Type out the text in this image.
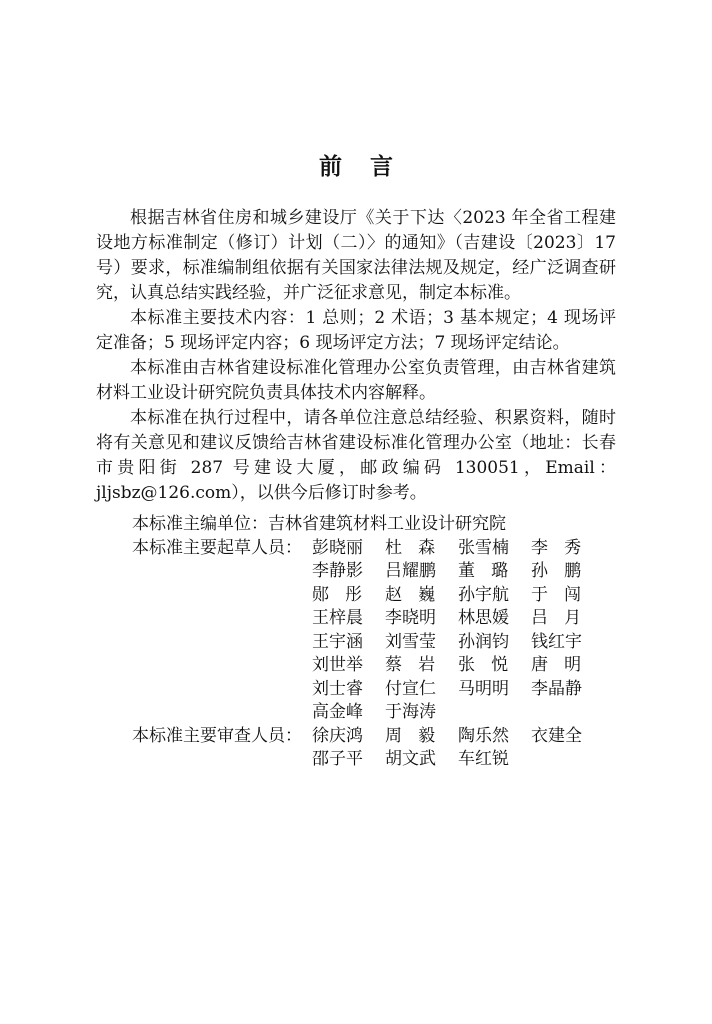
前 言

根据吉林省住房和城乡建设厅《关于下达〈2023 年全省工程建设地方标准制定（修订）计划（二）〉的通知》（吉建设〔2023〕17 号）要求，标准编制组依据有关国家法律法规及规定，经广泛调查研究，认真总结实践经验，并广泛征求意见，制定本标准。

本标准主要技术内容：1 总则；2 术语；3 基本规定；4 现场评定准备；5 现场评定内容；6 现场评定方法；7 现场评定结论。

本标准由吉林省建设标准化管理办公室负责管理，由吉林省建筑材料工业设计研究院负责具体技术内容解释。

本标准在执行过程中，请各单位注意总结经验、积累资料，随时将有关意见和建议反馈给吉林省建设标准化管理办公室（地址：长春市贵阳街 287 号建设大厦，邮政编码 130051，Email：jljsbz@126.com），以供今后修订时参考。

本标准主编单位：吉林省建筑材料工业设计研究院
本标准主要起草人员： 彭晓丽	杜森 张雪楠	李秀
李静影	吕耀鹏	董璐 孙鹏
郧彤 赵巍 孙宇航	于闯
王梓晨	李晓明	林思媛	吕月
王宇涵	刘雪莹	孙润钧	钱红宇
刘世举	蔡岩 张悦 唐明
刘士睿	付宣仁	马明明	李晶静
高金峰	于海涛
本标准主要审查人员： 徐庆鸿	周毅 陶乐然	衣建全
邵子平	胡文武	车红锐
